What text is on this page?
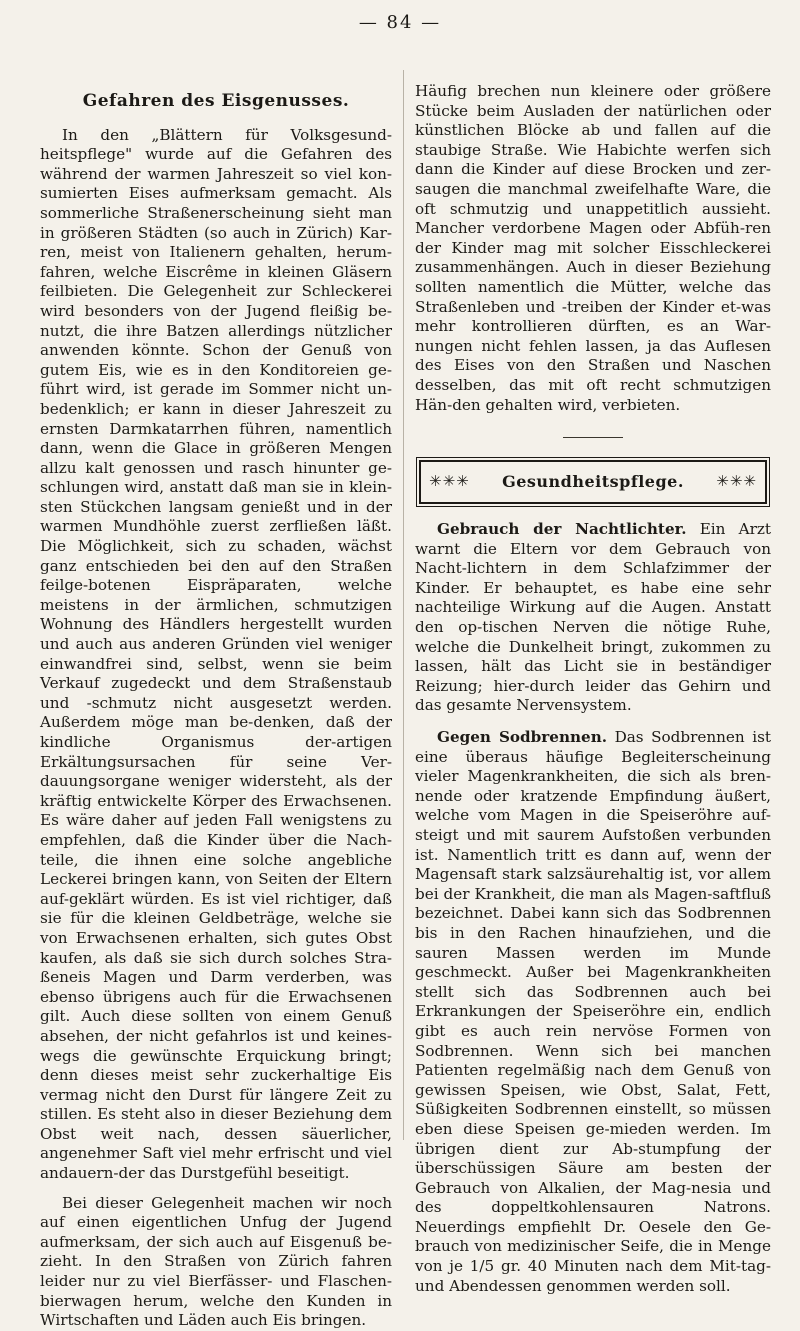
— 84 —
Gefahren des Eisgenusses.

In den „Blättern für Volksgesund-heitspflege" wurde auf die Gefahren des während der warmen Jahreszeit so viel kon-sumierten Eises aufmerksam gemacht. Als sommerliche Straßenerscheinung sieht man in größeren Städten (so auch in Zürich) Kar-ren, meist von Italienern gehalten, herum-fahren, welche Eiscrême in kleinen Gläsern feilbieten. Die Gelegenheit zur Schleckerei wird besonders von der Jugend fleißig be-nutzt, die ihre Batzen allerdings nützlicher anwenden könnte. Schon der Genuß von gutem Eis, wie es in den Konditoreien ge-führt wird, ist gerade im Sommer nicht un-bedenklich; er kann in dieser Jahreszeit zu ernsten Darmkatarrhen führen, namentlich dann, wenn die Glace in größeren Mengen allzu kalt genossen und rasch hinunter ge-schlungen wird, anstatt daß man sie in klein-sten Stückchen langsam genießt und in der warmen Mundhöhle zuerst zerfließen läßt. Die Möglichkeit, sich zu schaden, wächst ganz entschieden bei den auf den Straßen feilge-botenen Eispräparaten, welche meistens in der ärmlichen, schmutzigen Wohnung des Händlers hergestellt wurden und auch aus anderen Gründen viel weniger einwandfrei sind, selbst, wenn sie beim Verkauf zugedeckt und dem Straßenstaub und -schmutz nicht ausgesetzt werden. Außerdem möge man be-denken, daß der kindliche Organismus der-artigen Erkältungsursachen für seine Ver-dauungsorgane weniger widersteht, als der kräftig entwickelte Körper des Erwachsenen. Es wäre daher auf jeden Fall wenigstens zu empfehlen, daß die Kinder über die Nach-teile, die ihnen eine solche angebliche Leckerei bringen kann, von Seiten der Eltern auf-geklärt würden. Es ist viel richtiger, daß sie für die kleinen Geldbeträge, welche sie von Erwachsenen erhalten, sich gutes Obst kaufen, als daß sie sich durch solches Stra-ßeneis Magen und Darm verderben, was ebenso übrigens auch für die Erwachsenen gilt. Auch diese sollten von einem Genuß absehen, der nicht gefahrlos ist und keines-wegs die gewünschte Erquickung bringt; denn dieses meist sehr zuckerhaltige Eis vermag nicht den Durst für längere Zeit zu stillen. Es steht also in dieser Beziehung dem Obst weit nach, dessen säuerlicher, angenehmer Saft viel mehr erfrischt und viel andauern-der das Durstgefühl beseitigt.

Bei dieser Gelegenheit machen wir noch auf einen eigentlichen Unfug der Jugend aufmerksam, der sich auch auf Eisgenuß be-zieht. In den Straßen von Zürich fahren leider nur zu viel Bierfässer- und Flaschen-bierwagen herum, welche den Kunden in Wirtschaften und Läden auch Eis bringen.

Häufig brechen nun kleinere oder größere Stücke beim Ausladen der natürlichen oder künstlichen Blöcke ab und fallen auf die staubige Straße. Wie Habichte werfen sich dann die Kinder auf diese Brocken und zer-saugen die manchmal zweifelhafte Ware, die oft schmutzig und unappetitlich aussieht. Mancher verdorbene Magen oder Abfüh-ren der Kinder mag mit solcher Eisschleckerei zusammenhängen. Auch in dieser Beziehung sollten namentlich die Mütter, welche das Straßenleben und -treiben der Kinder et-was mehr kontrollieren dürften, es an War-nungen nicht fehlen lassen, ja das Auflesen des Eises von den Straßen und Naschen desselben, das mit oft recht schmutzigen Hän-den gehalten wird, verbieten.

✳✳✳ Gesundheitspflege. ✳✳✳

Gebrauch der Nachtlichter. Ein Arzt warnt die Eltern vor dem Gebrauch von Nacht-lichtern in dem Schlafzimmer der Kinder. Er behauptet, es habe eine sehr nachteilige Wirkung auf die Augen. Anstatt den op-tischen Nerven die nötige Ruhe, welche die Dunkelheit bringt, zukommen zu lassen, hält das Licht sie in beständiger Reizung; hier-durch leider das Gehirn und das gesamte Nervensystem.

Gegen Sodbrennen. Das Sodbrennen ist eine überaus häufige Begleiterscheinung vieler Magenkrankheiten, die sich als bren-nende oder kratzende Empfindung äußert, welche vom Magen in die Speiseröhre auf-steigt und mit saurem Aufstoßen verbunden ist. Namentlich tritt es dann auf, wenn der Magensaft stark salzsäurehaltig ist, vor allem bei der Krankheit, die man als Magen-saftfluß bezeichnet. Dabei kann sich das Sodbrennen bis in den Rachen hinaufziehen, und die sauren Massen werden im Munde geschmeckt. Außer bei Magenkrankheiten stellt sich das Sodbrennen auch bei Erkrankungen der Speiseröhre ein, endlich gibt es auch rein nervöse Formen von Sodbrennen. Wenn sich bei manchen Patienten regelmäßig nach dem Genuß von gewissen Speisen, wie Obst, Salat, Fett, Süßigkeiten Sodbrennen einstellt, so müssen eben diese Speisen ge-mieden werden. Im übrigen dient zur Ab-stumpfung der überschüssigen Säure am besten der Gebrauch von Alkalien, der Mag-nesia und des doppeltkohlensauren Natrons. Neuerdings empfiehlt Dr. Oesele den Ge-brauch von medizinischer Seife, die in Menge von je 1/5 gr. 40 Minuten nach dem Mit-tag- und Abendessen genommen werden soll.
